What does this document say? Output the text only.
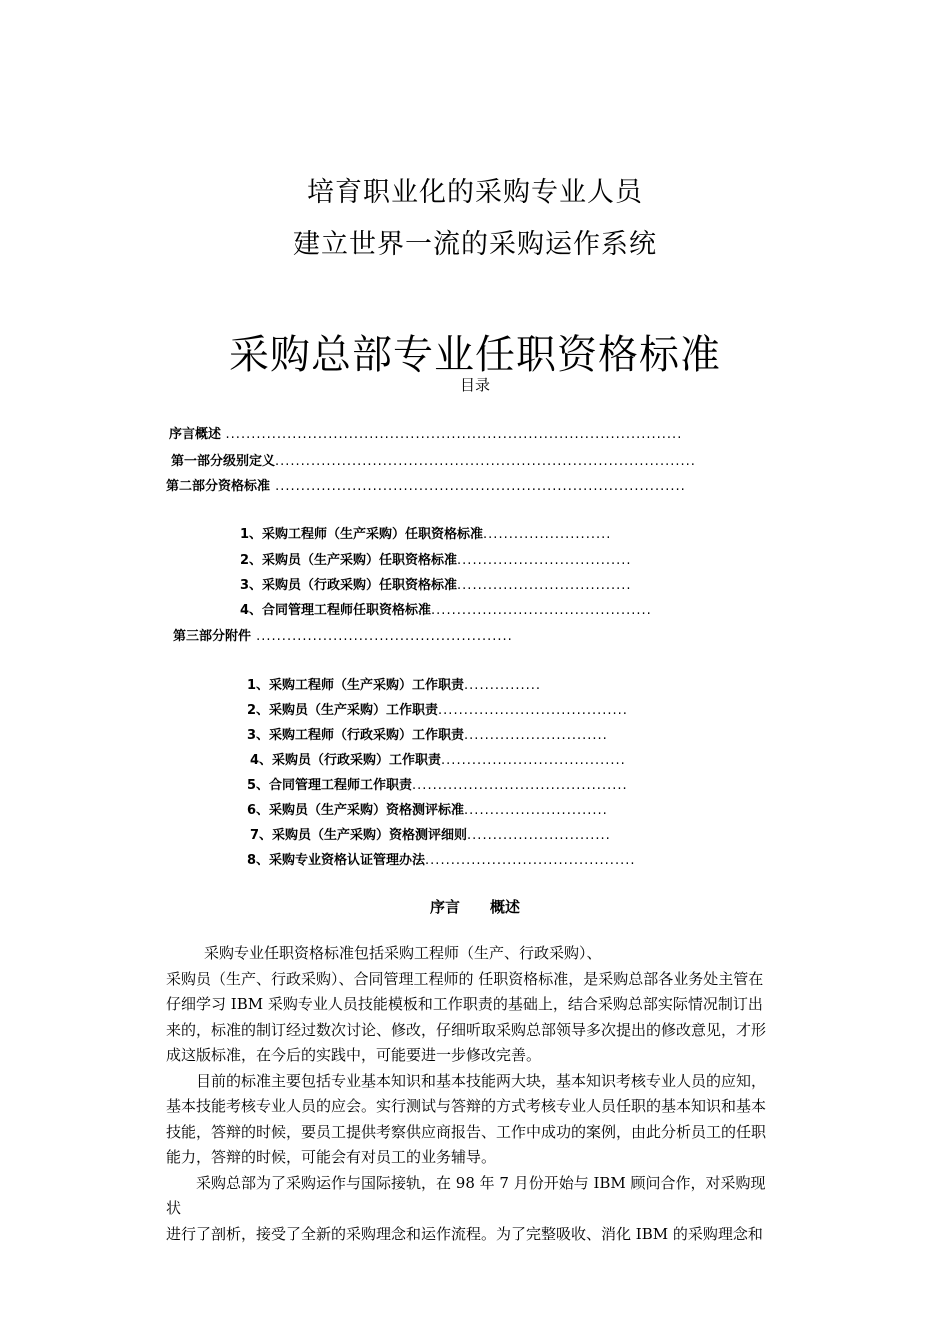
培育职业化的采购专业人员
建立世界一流的采购运作系统
采购总部专业任职资格标准
目录
序言概述 .........................................................................................
第一部分级别定义..................................................................................
第二部分资格标准 ................................................................................
1、采购工程师（生产采购）任职资格标准.........................
2、采购员（生产采购）任职资格标准..................................
3、采购员（行政采购）任职资格标准..................................
4、合同管理工程师任职资格标准...........................................
第三部分附件 ..................................................
1、采购工程师（生产采购）工作职责...............
2、采购员（生产采购）工作职责.....................................
3、采购工程师（行政采购）工作职责............................
4、采购员（行政采购）工作职责....................................
5、合同管理工程师工作职责..........................................
6、采购员（生产采购）资格测评标准............................
7、采购员（生产采购）资格测评细则............................
8、采购专业资格认证管理办法.........................................
序言 概述
采购专业任职资格标准包括采购工程师（生产、行政采购）、
采购员（生产、行政采购）、合同管理工程师的 任职资格标准，是采购总部各业务处主管在
仔细学习 IBM 采购专业人员技能模板和工作职责的基础上，结合采购总部实际情况制订出
来的，标准的制订经过数次讨论、修改，仔细听取采购总部领导多次提出的修改意见，才形
成这版标准，在今后的实践中，可能要进一步修改完善。
目前的标准主要包括专业基本知识和基本技能两大块，基本知识考核专业人员的应知，
基本技能考核专业人员的应会。实行测试与答辩的方式考核专业人员任职的基本知识和基本
技能，答辩的时候，要员工提供考察供应商报告、工作中成功的案例，由此分析员工的任职
能力，答辩的时候，可能会有对员工的业务辅导。
采购总部为了采购运作与国际接轨，在 98 年 7 月份开始与 IBM 顾问合作，对采购现
状
进行了剖析，接受了全新的采购理念和运作流程。为了完整吸收、消化 IBM 的采购理念和
